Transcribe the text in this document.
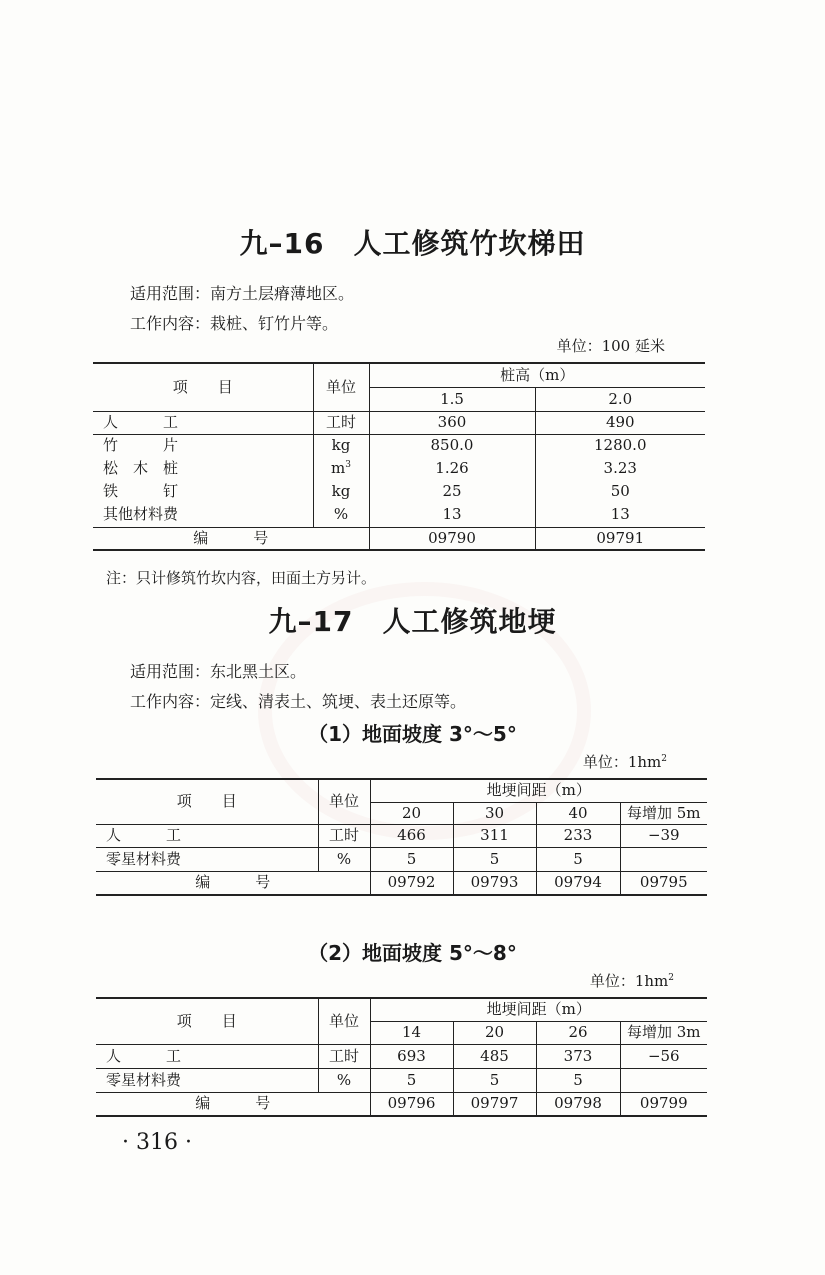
九–16　人工修筑竹坎梯田
适用范围：南方土层瘠薄地区。
工作内容：栽桩、钉竹片等。
单位：100 延米
项　　目	单位	桩高（m）	
		1.5	2.0
人　　　工	工时	360	490
竹　　　片	kg	850.0	1280.0
松　木　桩	$m^3$	1.26	3.23
铁　　　钉	kg	25	50
其他材料费	%	13	13
编　　　号		09790	09791
注：只计修筑竹坎内容，田面土方另计。
九–17　人工修筑地埂
适用范围：东北黑土区。
工作内容：定线、清表土、筑埂、表土还原等。
（1）地面坡度 3°～5°
单位：$1hm^2$
项　　目	单位	地埂间距（m）			
		20	30	40	每增加 5m
人　　　工	工时	466	311	233	−39
零星材料费	%	5	5	5	
编　　　号		09792	09793	09794	09795
（2）地面坡度 5°～8°
单位：$1hm^2$
项　　目	单位	地埂间距（m）			
		14	20	26	每增加 3m
人　　　工	工时	693	485	373	−56
零星材料费	%	5	5	5	
编　　　号		09796	09797	09798	09799
· 316 ·
